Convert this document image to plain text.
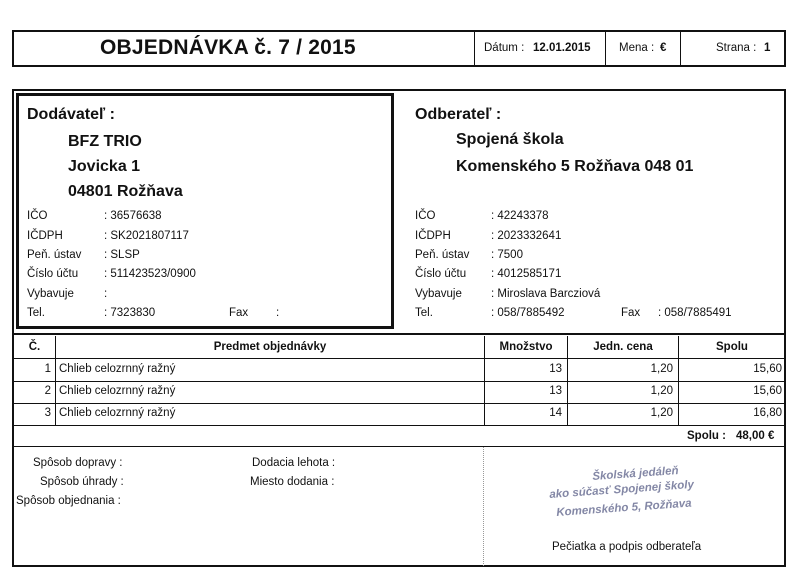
OBJEDNÁVKA č. 7 / 2015	Dátum : 12.01.2015 Mena : €	Strana : 1
Dodávateľ :
BFZ TRIO
Jovicka 1
04801 Rožňava
IČO	: 36576638
IČDPH	: SK2021807117
Peň. ústav : SLSP
Číslo účtu : 511423523/0900
Vybavuje	:
Tel.	: 7323830	Fax :
Odberateľ :
Spojená škola
Komenského 5 Rožňava 048 01
IČO	: 42243378
IČDPH	: 2023332641
Peň. ústav : 7500
Číslo účtu : 4012585171
Vybavuje	: Miroslava Barcziová
Tel.	: 058/7885492	Fax : 058/7885491
Č.	Predmet objednávky	Množstvo	Jedn. cena	Spolu
1 Chlieb celozrnný ražný	13	1,20	15,60
2 Chlieb celozrnný ražný	13	1,20	15,60
3 Chlieb celozrnný ražný	14	1,20	16,80
Spolu : 48,00 €
Spôsob dopravy :
Spôsob úhrady :
Spôsob objednania :
Dodacia lehota :
Miesto dodania :	Školská jedáleň
ako súčasť Spojenej školy
Komenského 5, Rožňava
Pečiatka a podpis odberateľa
